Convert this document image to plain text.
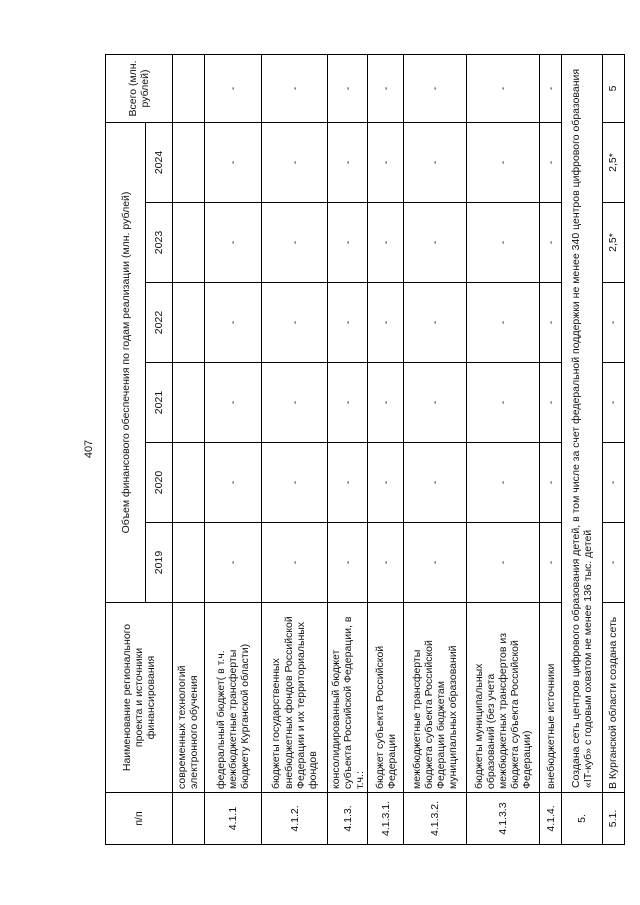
407
п/п	Наименование регионального проекта и источники финансирования	Объем финансового обеспечения по годам реализации (млн. рублей)						Всего (млн. рублей)
		2019	2020	2021	2022	2023	2024	
	современных технологий электронного обучения							
4.1.1	федеральный бюджет( в т.ч. межбюджетные трансферты бюджету Курганской области)	-	-	-	-	-	-	-
4.1.2.	бюджеты государственных внебюджетных фондов Российской Федерации и их территориальных фондов	-	-	-	-	-	-	-
4.1.3.	консолидированный бюджет субъекта Российской Федерации, в т.ч.:	-	-	-	-	-	-	-
4.1.3.1.	бюджет субъекта Российской Федерации	-	-	-	-	-	-	-
4.1.3.2.	межбюджетные трансферты бюджета субъекта Российской Федерации бюджетам муниципальных образований	-	-	-	-	-	-	-
4.1.3.3	бюджеты муниципальных образований (без учета межбюджетных трансфертов из бюджета субъекта Российской Федерации)	-	-	-	-	-	-	-
4.1.4.	внебюджетные источники	-	-	-	-	-	-	-
5.	Создана сеть центров цифрового образования детей, в том числе за счет федеральной поддержки не менее 340 центров цифрового образования «IT-куб» с годовым охватом не менее 136 тыс. детей							
5.1.	В Курганской области создана сеть	-	-	-	-	2,5*	2,5*	5
